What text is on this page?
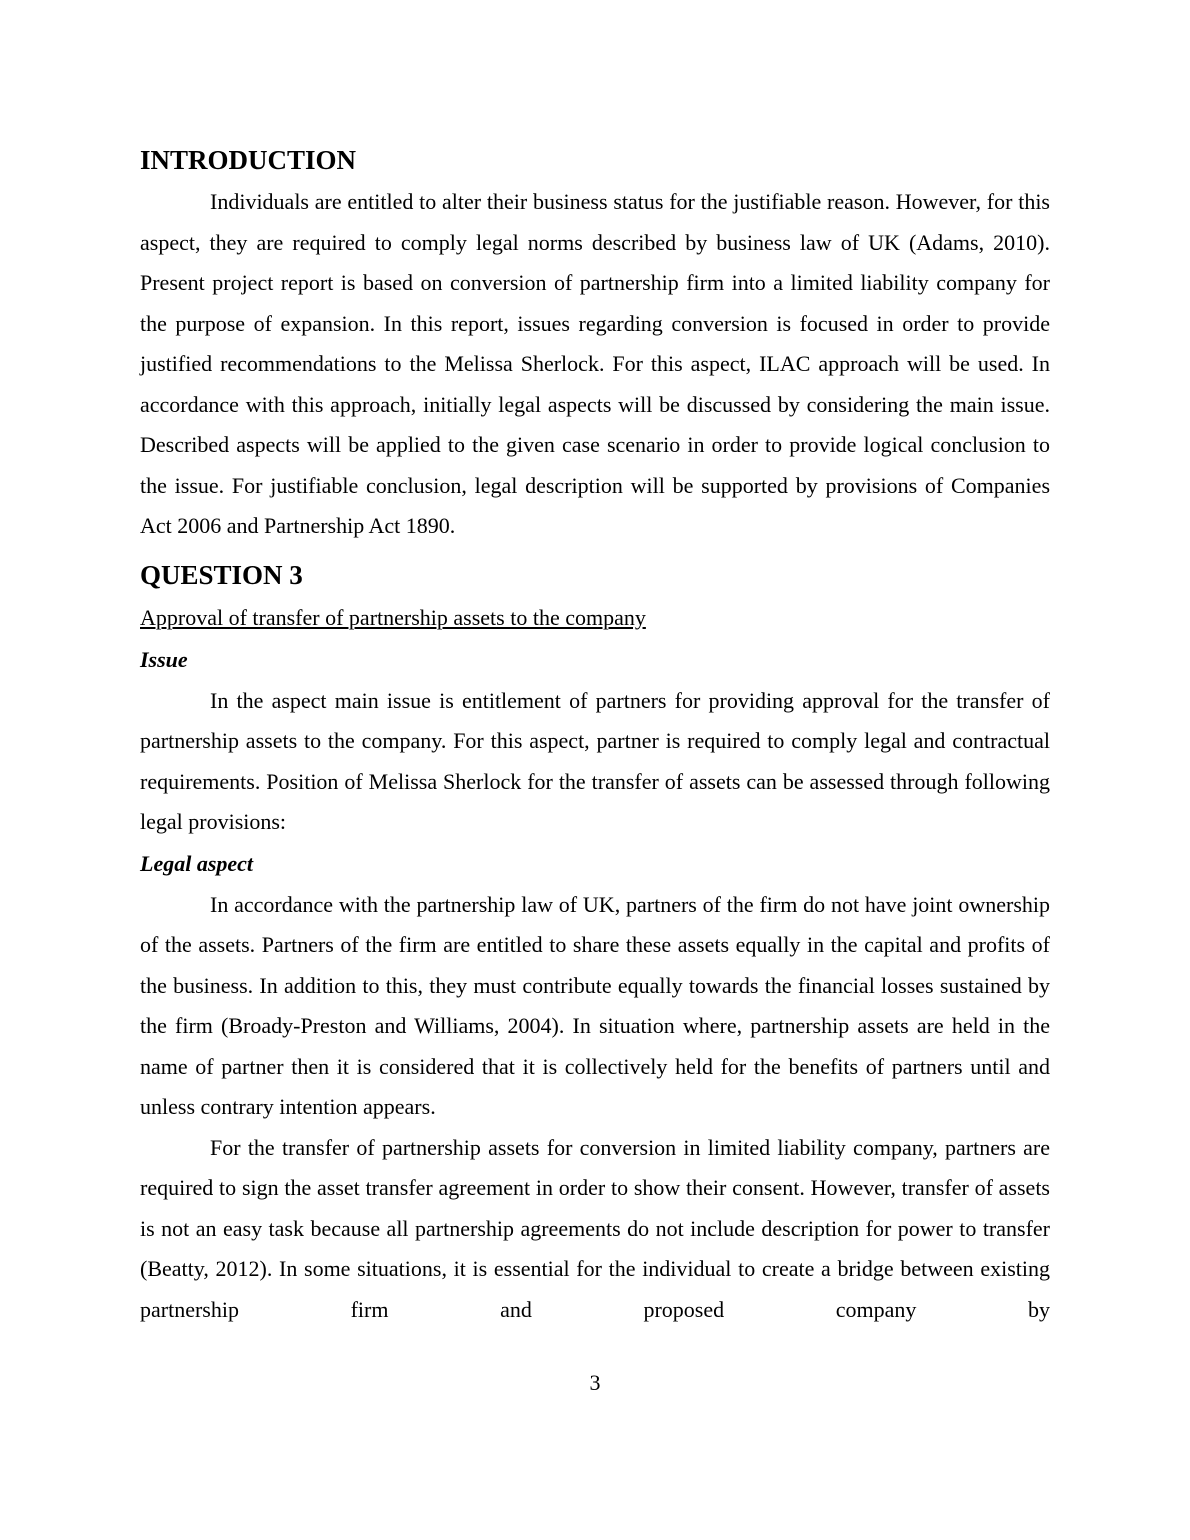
INTRODUCTION

Individuals are entitled to alter their business status for the justifiable reason. However, for this aspect, they are required to comply legal norms described by business law of UK (Adams, 2010). Present project report is based on conversion of partnership firm into a limited liability company for the purpose of expansion. In this report, issues regarding conversion is focused in order to provide justified recommendations to the Melissa Sherlock. For this aspect, ILAC approach will be used. In accordance with this approach, initially legal aspects will be discussed by considering the main issue. Described aspects will be applied to the given case scenario in order to provide logical conclusion to the issue. For justifiable conclusion, legal description will be supported by provisions of Companies Act 2006 and Partnership Act 1890.

QUESTION 3
Approval of transfer of partnership assets to the company
Issue

In the aspect main issue is entitlement of partners for providing approval for the transfer of partnership assets to the company. For this aspect, partner is required to comply legal and contractual requirements. Position of Melissa Sherlock for the transfer of assets can be assessed through following legal provisions:

Legal aspect

In accordance with the partnership law of UK, partners of the firm do not have joint ownership of the assets. Partners of the firm are entitled to share these assets equally in the capital and profits of the business. In addition to this, they must contribute equally towards the financial losses sustained by the firm (Broady-Preston and Williams, 2004). In situation where, partnership assets are held in the name of partner then it is considered that it is collectively held for the benefits of partners until and unless contrary intention appears.

For the transfer of partnership assets for conversion in limited liability company, partners are required to sign the asset transfer agreement in order to show their consent. However, transfer of assets is not an easy task because all partnership agreements do not include description for power to transfer (Beatty, 2012). In some situations, it is essential for the individual to create a bridge between existing partnership firm and proposed company by

3
